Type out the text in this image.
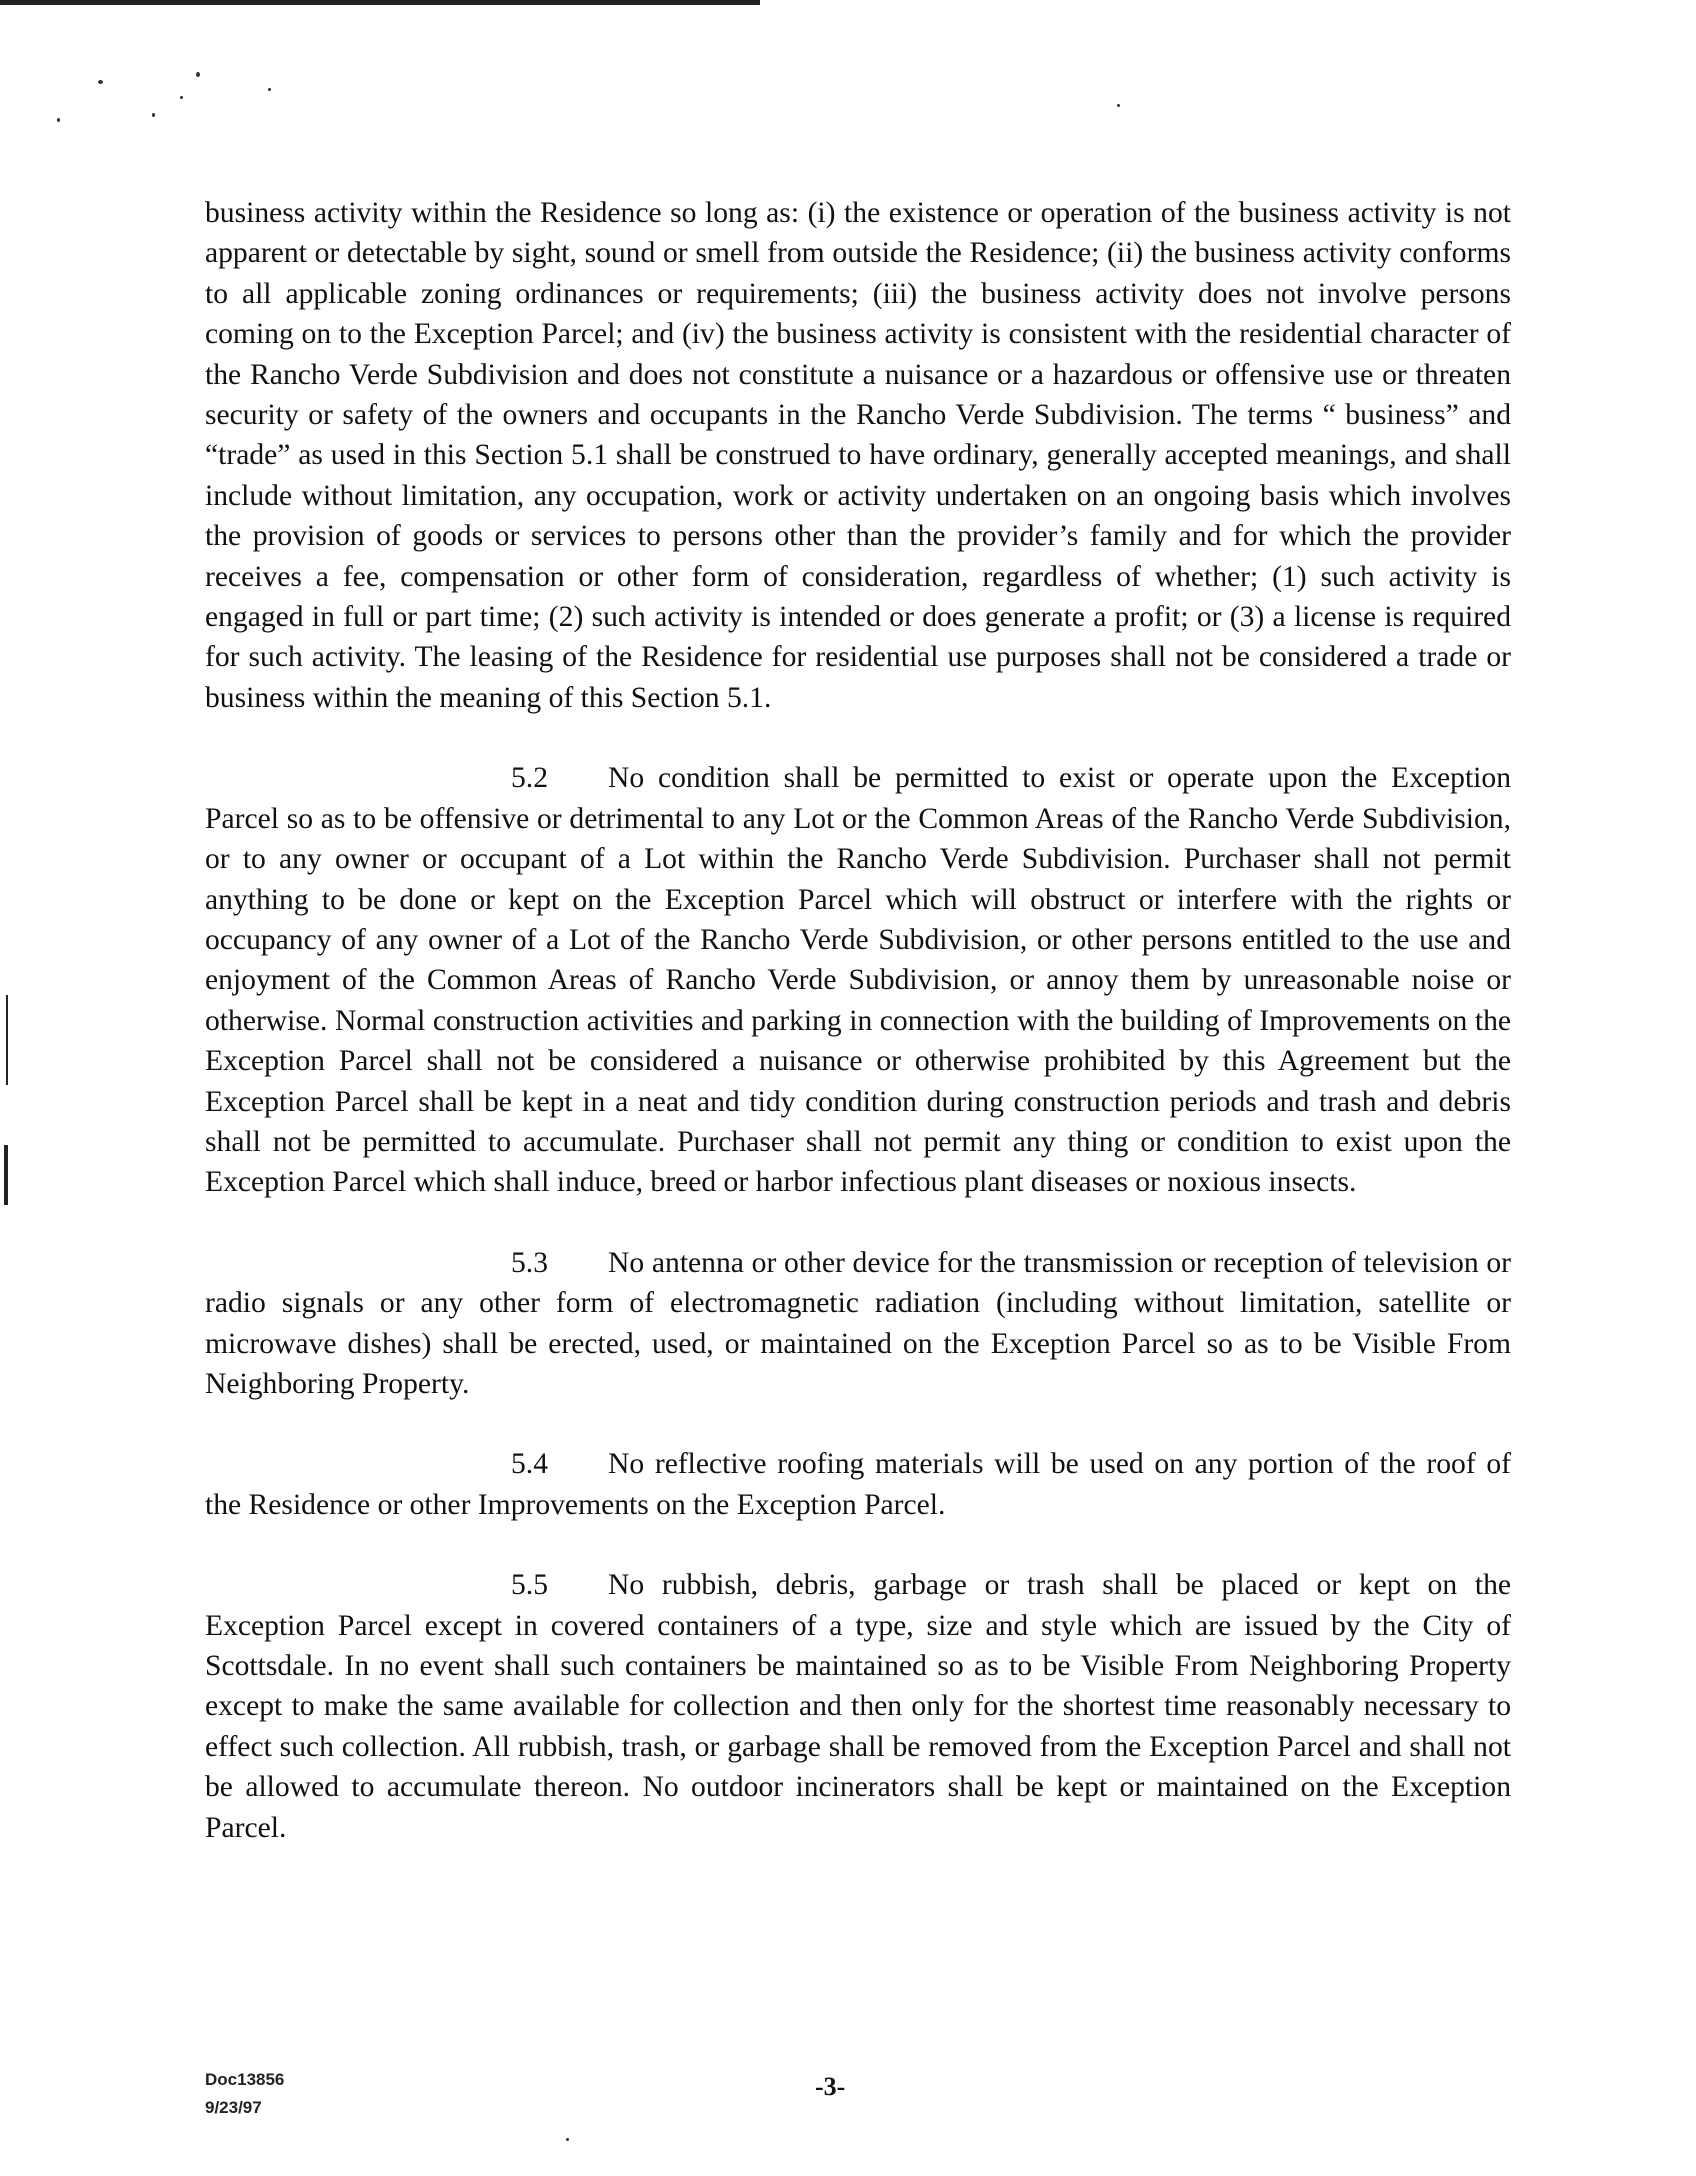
business activity within the Residence so long as: (i) the existence or operation of the business activity is not apparent or detectable by sight, sound or smell from outside the Residence; (ii) the business activity conforms to all applicable zoning ordinances or requirements; (iii) the business activity does not involve persons coming on to the Exception Parcel; and (iv) the business activity is consistent with the residential character of the Rancho Verde Subdivision and does not constitute a nuisance or a hazardous or offensive use or threaten security or safety of the owners and occupants in the Rancho Verde Subdivision. The terms “ business” and “trade” as used in this Section 5.1 shall be construed to have ordinary, generally accepted meanings, and shall include without limitation, any occupation, work or activity undertaken on an ongoing basis which involves the provision of goods or services to persons other than the provider’s family and for which the provider receives a fee, compensation or other form of consideration, regardless of whether; (1) such activity is engaged in full or part time; (2) such activity is intended or does generate a profit; or (3) a license is required for such activity. The leasing of the Residence for residential use purposes shall not be considered a trade or business within the meaning of this Section 5.1.

5.2 No condition shall be permitted to exist or operate upon the Exception Parcel so as to be offensive or detrimental to any Lot or the Common Areas of the Rancho Verde Subdivision, or to any owner or occupant of a Lot within the Rancho Verde Subdivision. Purchaser shall not permit anything to be done or kept on the Exception Parcel which will obstruct or interfere with the rights or occupancy of any owner of a Lot of the Rancho Verde Subdivision, or other persons entitled to the use and enjoyment of the Common Areas of Rancho Verde Subdivision, or annoy them by unreasonable noise or otherwise. Normal construction activities and parking in connection with the building of Improvements on the Exception Parcel shall not be considered a nuisance or otherwise prohibited by this Agreement but the Exception Parcel shall be kept in a neat and tidy condition during construction periods and trash and debris shall not be permitted to accumulate. Purchaser shall not permit any thing or condition to exist upon the Exception Parcel which shall induce, breed or harbor infectious plant diseases or noxious insects.

5.3 No antenna or other device for the transmission or reception of television or radio signals or any other form of electromagnetic radiation (including without limitation, satellite or microwave dishes) shall be erected, used, or maintained on the Exception Parcel so as to be Visible From Neighboring Property.

5.4 No reflective roofing materials will be used on any portion of the roof of the Residence or other Improvements on the Exception Parcel.

5.5 No rubbish, debris, garbage or trash shall be placed or kept on the Exception Parcel except in covered containers of a type, size and style which are issued by the City of Scottsdale. In no event shall such containers be maintained so as to be Visible From Neighboring Property except to make the same available for collection and then only for the shortest time reasonably necessary to effect such collection. All rubbish, trash, or garbage shall be removed from the Exception Parcel and shall not be allowed to accumulate thereon. No outdoor incinerators shall be kept or maintained on the Exception Parcel.

Doc13856
9/23/97
-3-
